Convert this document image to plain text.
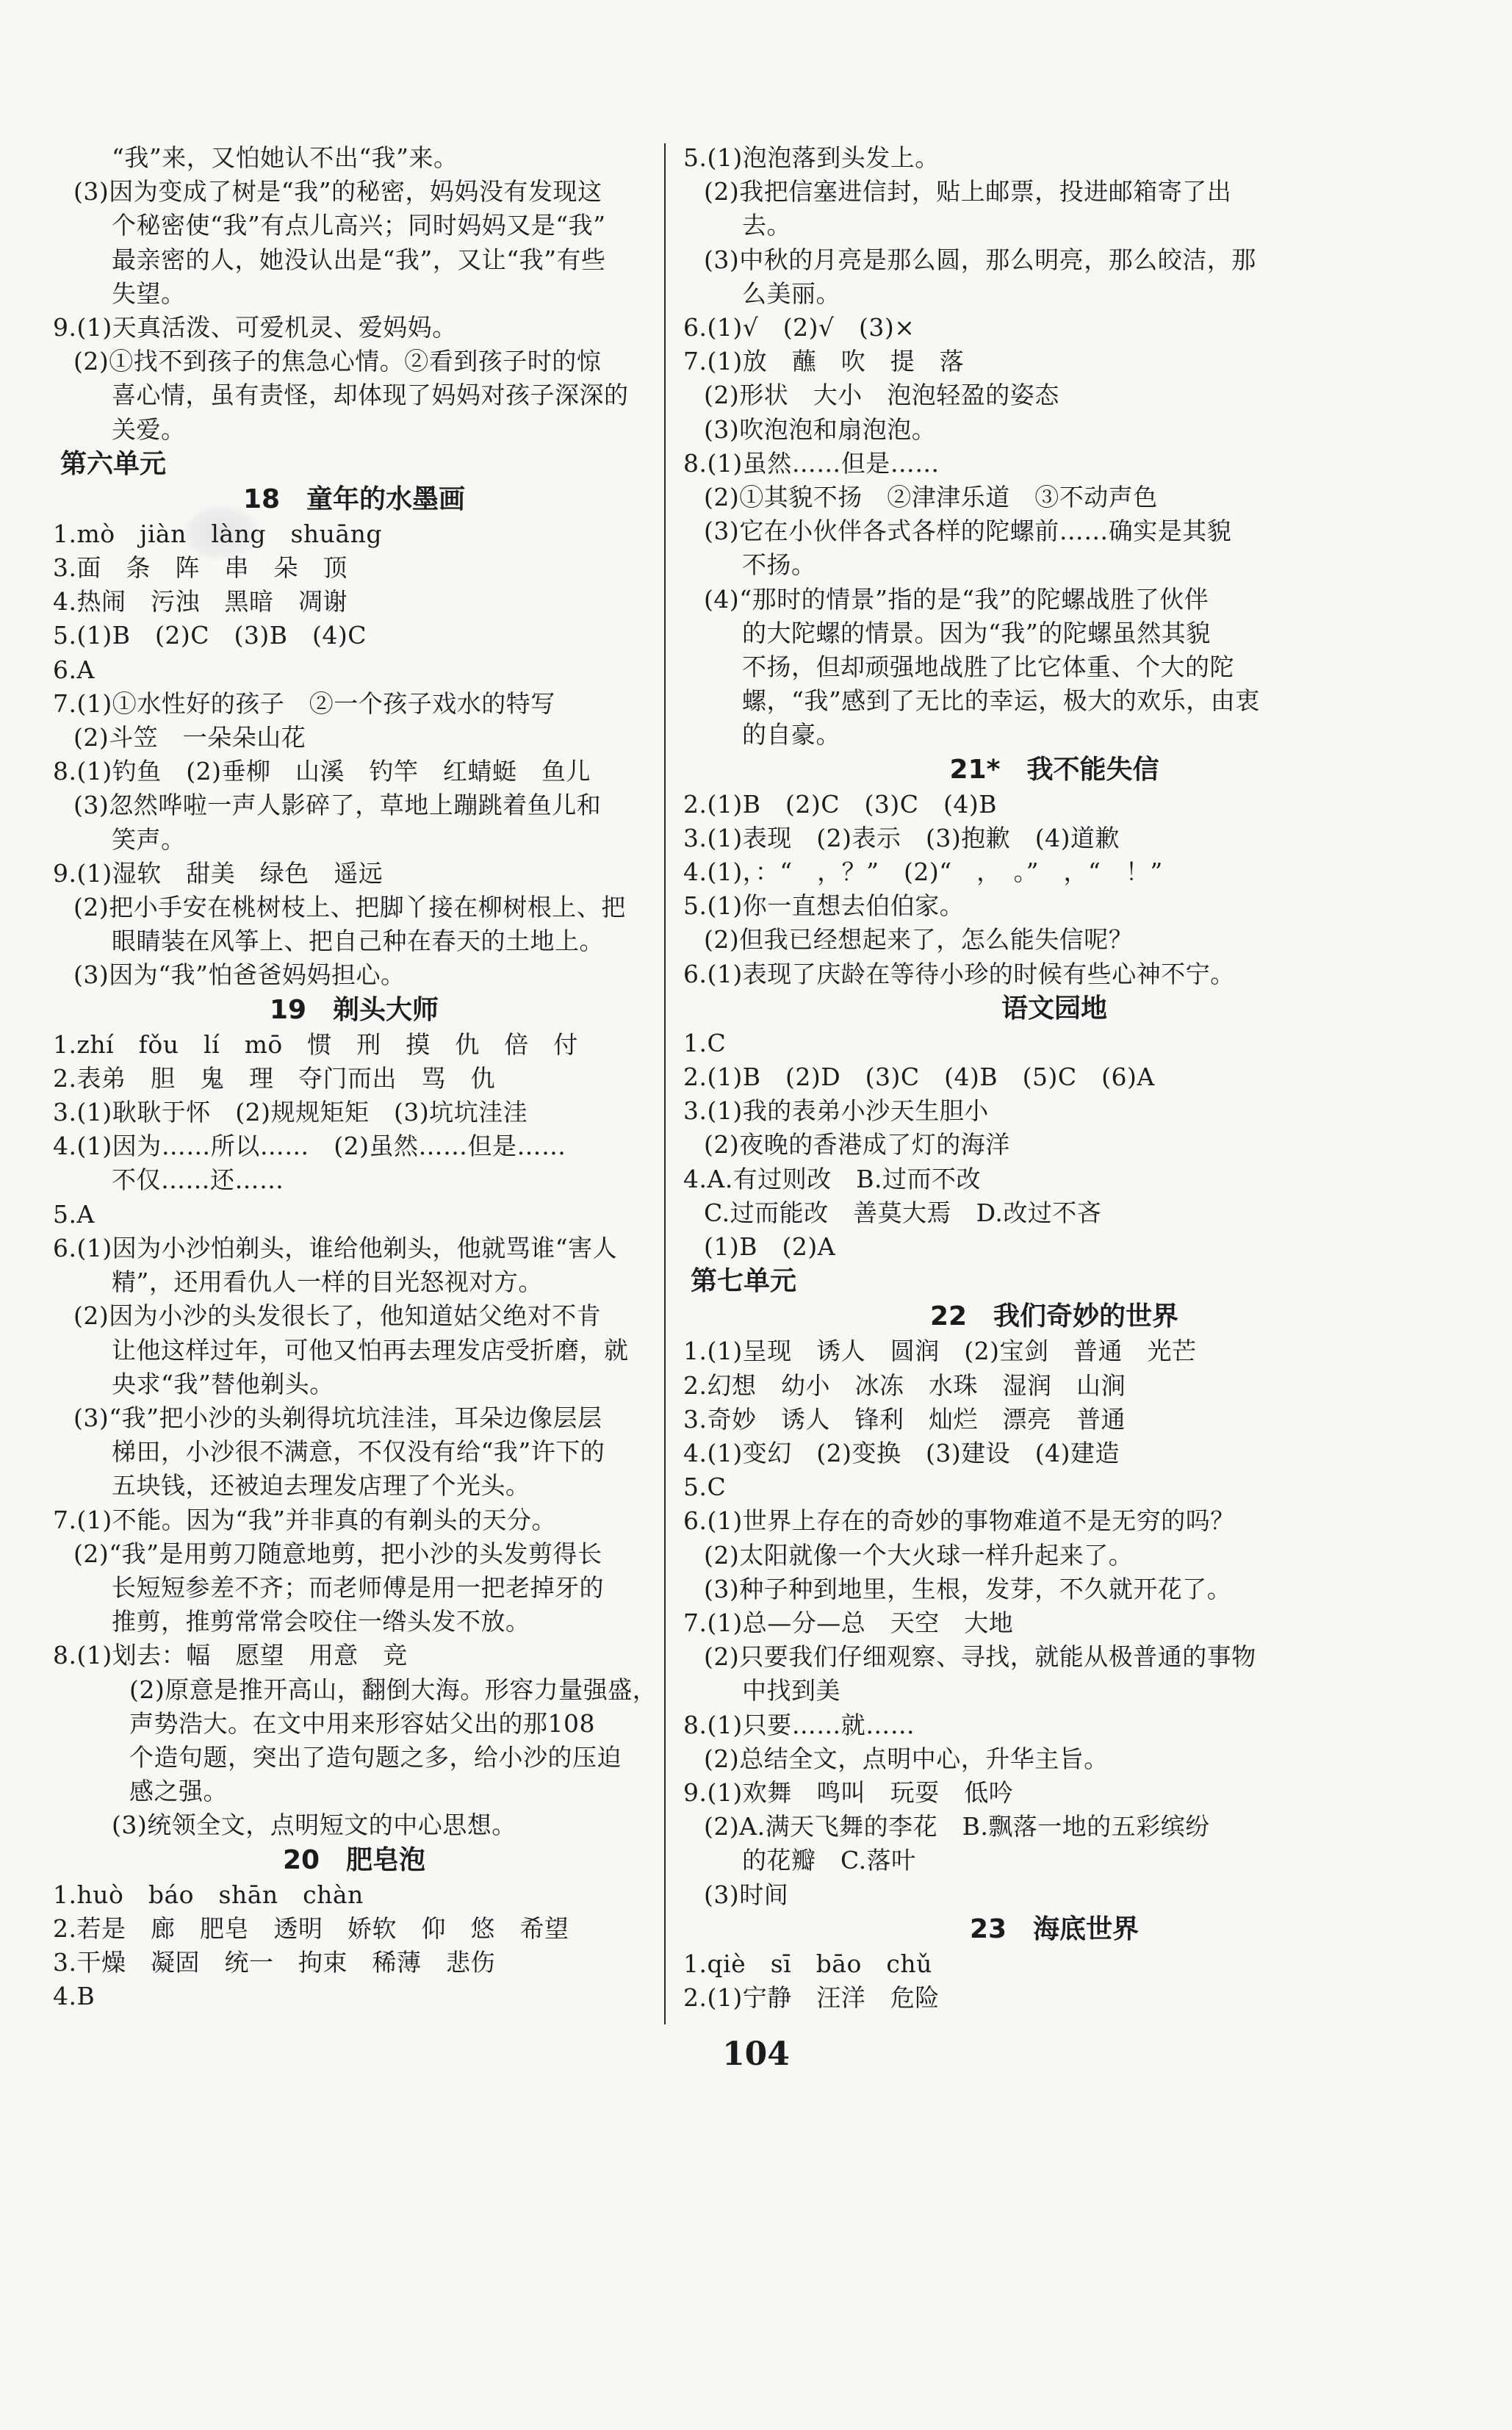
“我”来，又怕她认不出“我”来。
(3)因为变成了树是“我”的秘密，妈妈没有发现这
个秘密使“我”有点儿高兴；同时妈妈又是“我”
最亲密的人，她没认出是“我”，又让“我”有些
失望。
9.(1)天真活泼、可爱机灵、爱妈妈。
(2)①找不到孩子的焦急心情。②看到孩子时的惊
喜心情，虽有责怪，却体现了妈妈对孩子深深的
关爱。
第六单元
18　童年的水墨画
1.mò　jiàn　làng　shuāng
3.面　条　阵　串　朵　顶
4.热闹　污浊　黑暗　凋谢
5.(1)B　(2)C　(3)B　(4)C
6.A
7.(1)①水性好的孩子　②一个孩子戏水的特写
(2)斗笠　一朵朵山花
8.(1)钓鱼　(2)垂柳　山溪　钓竿　红蜻蜓　鱼儿
(3)忽然哗啦一声人影碎了，草地上蹦跳着鱼儿和
笑声。
9.(1)湿软　甜美　绿色　遥远
(2)把小手安在桃树枝上、把脚丫接在柳树根上、把
眼睛装在风筝上、把自己种在春天的土地上。
(3)因为“我”怕爸爸妈妈担心。
19　剃头大师
1.zhí　fǒu　lí　mō　惯　刑　摸　仇　倍　付
2.表弟　胆　鬼　理　夺门而出　骂　仇
3.(1)耿耿于怀　(2)规规矩矩　(3)坑坑洼洼
4.(1)因为……所以……　(2)虽然……但是……
不仅……还……
5.A
6.(1)因为小沙怕剃头，谁给他剃头，他就骂谁“害人
精”，还用看仇人一样的目光怒视对方。
(2)因为小沙的头发很长了，他知道姑父绝对不肯
让他这样过年，可他又怕再去理发店受折磨，就
央求“我”替他剃头。
(3)“我”把小沙的头剃得坑坑洼洼，耳朵边像层层
梯田，小沙很不满意，不仅没有给“我”许下的
五块钱，还被迫去理发店理了个光头。
7.(1)不能。因为“我”并非真的有剃头的天分。
(2)“我”是用剪刀随意地剪，把小沙的头发剪得长
长短短参差不齐；而老师傅是用一把老掉牙的
推剪，推剪常常会咬住一绺头发不放。
8.(1)划去：幅　愿望　用意　竞
(2)原意是推开高山，翻倒大海。形容力量强盛，
声势浩大。在文中用来形容姑父出的那108
个造句题，突出了造句题之多，给小沙的压迫
感之强。
(3)统领全文，点明短文的中心思想。
20　肥皂泡
1.huò　báo　shān　chàn
2.若是　廊　肥皂　透明　娇软　仰　悠　希望
3.干燥　凝固　统一　拘束　稀薄　悲伤
4.B
5.(1)泡泡落到头发上。
(2)我把信塞进信封，贴上邮票，投进邮箱寄了出
去。
(3)中秋的月亮是那么圆，那么明亮，那么皎洁，那
么美丽。
6.(1)√　(2)√　(3)×
7.(1)放　蘸　吹　提　落
(2)形状　大小　泡泡轻盈的姿态
(3)吹泡泡和扇泡泡。
8.(1)虽然……但是……
(2)①其貌不扬　②津津乐道　③不动声色
(3)它在小伙伴各式各样的陀螺前……确实是其貌
不扬。
(4)“那时的情景”指的是“我”的陀螺战胜了伙伴
的大陀螺的情景。因为“我”的陀螺虽然其貌
不扬，但却顽强地战胜了比它体重、个大的陀
螺，“我”感到了无比的幸运，极大的欢乐，由衷
的自豪。
21*　我不能失信
2.(1)B　(2)C　(3)C　(4)B
3.(1)表现　(2)表示　(3)抱歉　(4)道歉
4.(1)，：“　，？”　(2)“　，　。”　，“　！”
5.(1)你一直想去伯伯家。
(2)但我已经想起来了，怎么能失信呢？
6.(1)表现了庆龄在等待小珍的时候有些心神不宁。
语文园地
1.C
2.(1)B　(2)D　(3)C　(4)B　(5)C　(6)A
3.(1)我的表弟小沙天生胆小
(2)夜晚的香港成了灯的海洋
4.A.有过则改　B.过而不改
C.过而能改　善莫大焉　D.改过不吝
(1)B　(2)A
第七单元
22　我们奇妙的世界
1.(1)呈现　诱人　圆润　(2)宝剑　普通　光芒
2.幻想　幼小　冰冻　水珠　湿润　山涧
3.奇妙　诱人　锋利　灿烂　漂亮　普通
4.(1)变幻　(2)变换　(3)建设　(4)建造
5.C
6.(1)世界上存在的奇妙的事物难道不是无穷的吗？
(2)太阳就像一个大火球一样升起来了。
(3)种子种到地里，生根，发芽，不久就开花了。
7.(1)总—分—总　天空　大地
(2)只要我们仔细观察、寻找，就能从极普通的事物
中找到美
8.(1)只要……就……
(2)总结全文，点明中心，升华主旨。
9.(1)欢舞　鸣叫　玩耍　低吟
(2)A.满天飞舞的李花　B.飘落一地的五彩缤纷
的花瓣　C.落叶
(3)时间
23　海底世界
1.qiè　sī　bāo　chǔ
2.(1)宁静　汪洋　危险
104
